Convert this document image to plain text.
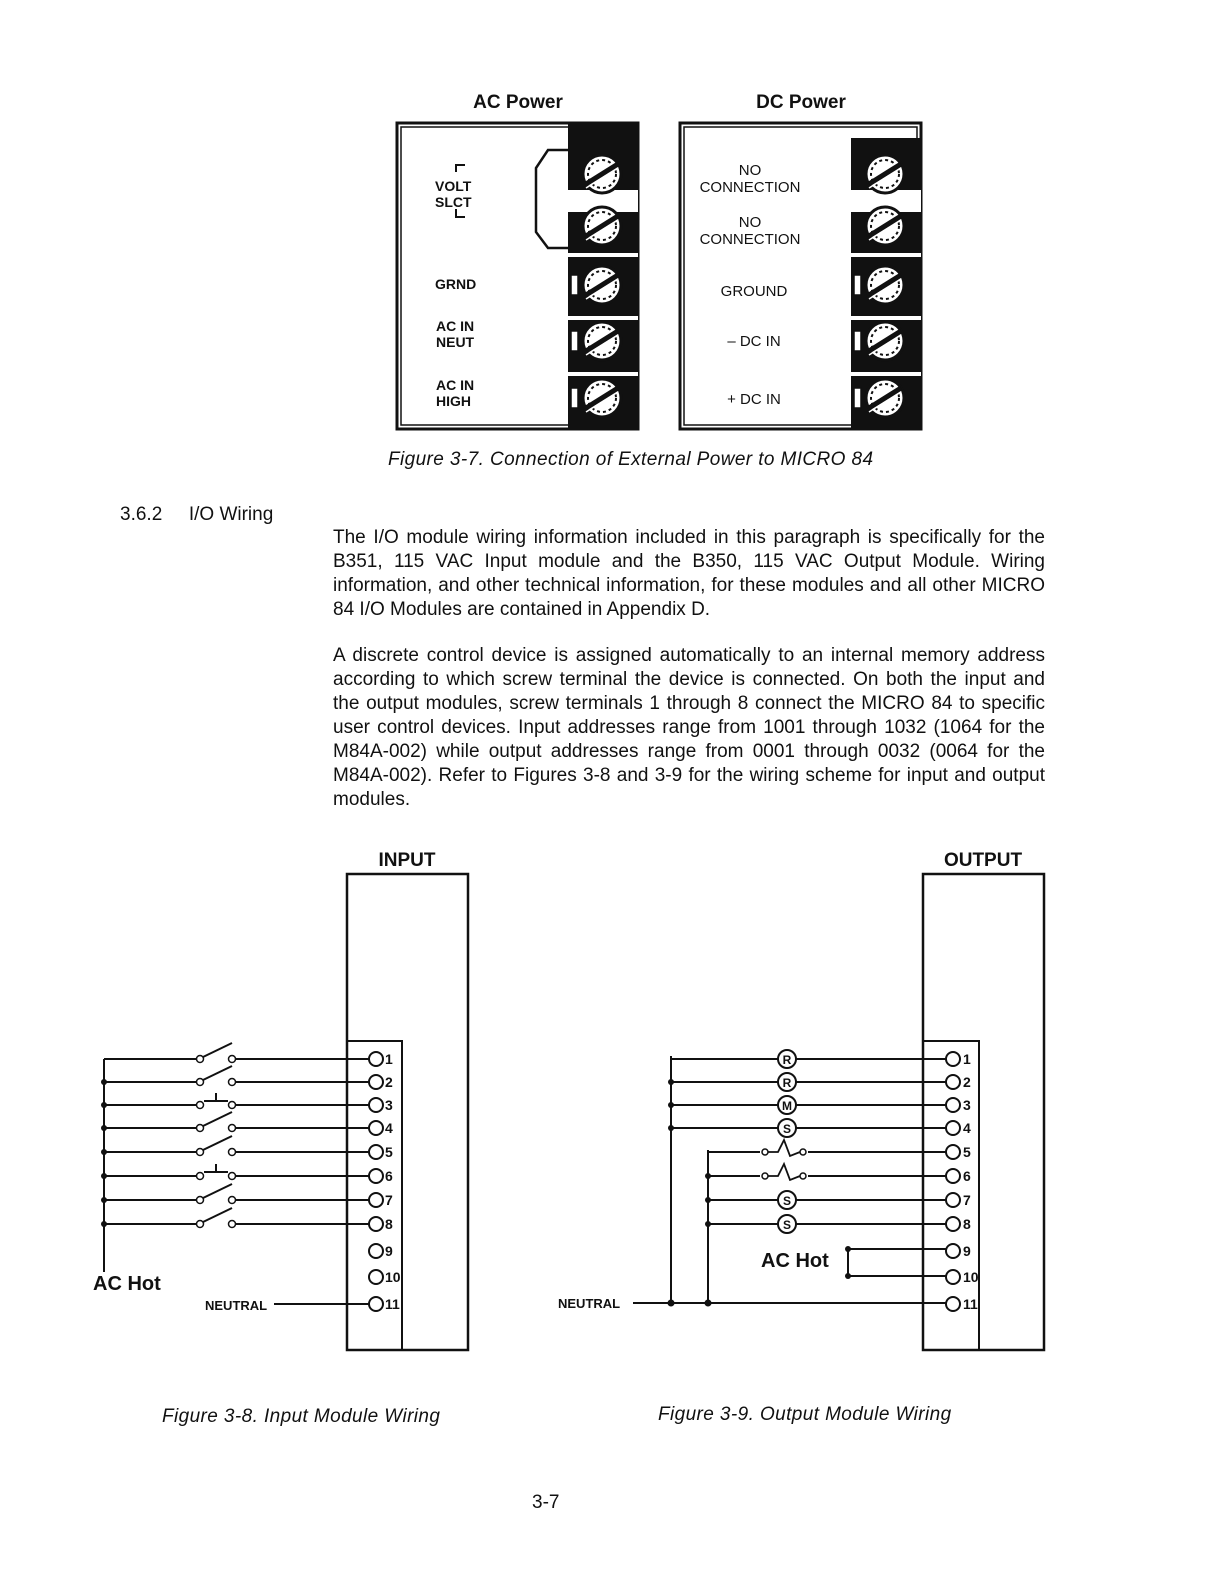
AC Power	DC Power
VOLT
SLCT
GRND
AC IN
NEUT
AC IN
HIGH
NO
CONNECTION
NO
CONNECTION
GROUND
– DC IN
+ DC IN
Figure 3-7. Connection of External Power to MICRO 84
3.6.2 I/O Wiring

The I/O module wiring information included in this paragraph is specifically for the B351, 115 VAC Input module and the B350, 115 VAC Output Module. Wiring information, and other technical information, for these modules and all other MICRO 84 I/O Modules are contained in Appendix D.

A discrete control device is assigned automatically to an internal memory address according to which screw terminal the device is connected. On both the input and the output modules, screw terminals 1 through 8 connect the MICRO 84 to specific user control devices. Input addresses range from 1001 through 1032 (1064 for the M84A-002) while output addresses range from 0001 through 0032 (0064 for the M84A-002). Refer to Figures 3-8 and 3-9 for the wiring scheme for input and output modules.

INPUT	OUTPUT
1
2
3
4
5
6
7
8
9
10
11
1
2
3
4
5
6
7
8
9
10
11
R
R
M
S
S
S
AC Hot
NEUTRAL
AC Hot
NEUTRAL
Figure 3-8. Input Module Wiring	Figure 3-9. Output Module Wiring
3-7
